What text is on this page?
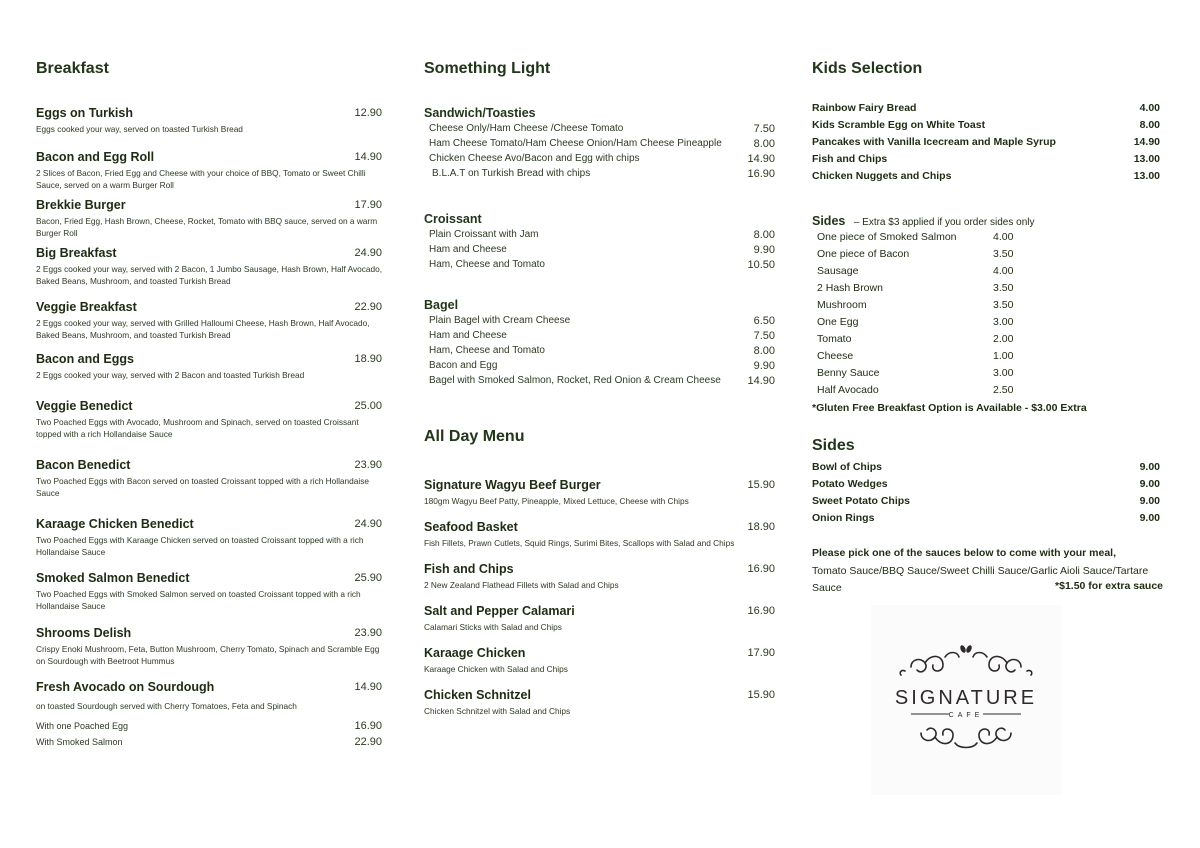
Breakfast
Eggs on Turkish	12.90
Eggs cooked your way, served on toasted Turkish Bread
Bacon and Egg Roll	14.90
2 Slices of Bacon, Fried Egg and Cheese with your choice of BBQ, Tomato or Sweet Chilli Sauce, served on a warm Burger Roll
Brekkie Burger	17.90
Bacon, Fried Egg, Hash Brown, Cheese, Rocket, Tomato with BBQ sauce, served on a warm Burger Roll
Big Breakfast	24.90
2 Eggs cooked your way, served with 2 Bacon, 1 Jumbo Sausage, Hash Brown, Half Avocado, Baked Beans, Mushroom, and toasted Turkish Bread
Veggie Breakfast	22.90
2 Eggs cooked your way, served with Grilled Halloumi Cheese, Hash Brown, Half Avocado, Baked Beans, Mushroom, and toasted Turkish Bread
Bacon and Eggs	18.90
2 Eggs cooked your way, served with 2 Bacon and toasted Turkish Bread
Veggie Benedict	25.00
Two Poached Eggs with Avocado, Mushroom and Spinach, served on toasted Croissant topped with a rich Hollandaise Sauce
Bacon Benedict	23.90
Two Poached Eggs with Bacon served on toasted Croissant topped with a rich Hollandaise Sauce
Karaage Chicken Benedict	24.90
Two Poached Eggs with Karaage Chicken served on toasted Croissant topped with a rich Hollandaise Sauce
Smoked Salmon Benedict	25.90
Two Poached Eggs with Smoked Salmon served on toasted Croissant topped with a rich Hollandaise Sauce
Shrooms Delish	23.90
Crispy Enoki Mushroom, Feta, Button Mushroom, Cherry Tomato, Spinach and Scramble Egg on Sourdough with Beetroot Hummus
Fresh Avocado on Sourdough	14.90
on toasted Sourdough served with Cherry Tomatoes, Feta and Spinach
With one Poached Egg	16.90
With Smoked Salmon	22.90
Something Light
Sandwich/Toasties
Cheese Only/Ham Cheese /Cheese Tomato	7.50
Ham Cheese Tomato/Ham Cheese Onion/Ham Cheese Pineapple	8.00
Chicken Cheese Avo/Bacon and Egg with chips	14.90
B.L.A.T on Turkish Bread with chips	16.90
Croissant
Plain Croissant with Jam	8.00
Ham and Cheese	9.90
Ham, Cheese and Tomato	10.50
Bagel
Plain Bagel with Cream Cheese	6.50
Ham and Cheese	7.50
Ham, Cheese and Tomato	8.00
Bacon and Egg	9.90
Bagel with Smoked Salmon, Rocket, Red Onion & Cream Cheese	14.90
All Day Menu
Signature Wagyu Beef Burger	15.90
180gm Wagyu Beef Patty, Pineapple, Mixed Lettuce, Cheese with Chips
Seafood Basket	18.90
Fish Fillets, Prawn Cutlets, Squid Rings, Surimi Bites, Scallops with Salad and Chips
Fish and Chips	16.90
2 New Zealand Flathead Fillets with Salad and Chips
Salt and Pepper Calamari	16.90
Calamari Sticks with Salad and Chips
Karaage Chicken	17.90
Karaage Chicken with Salad and Chips
Chicken Schnitzel	15.90
Chicken Schnitzel with Salad and Chips
Kids Selection
Rainbow Fairy Bread	4.00
Kids Scramble Egg on White Toast	8.00
Pancakes with Vanilla Icecream and Maple Syrup	14.90
Fish and Chips	13.00
Chicken Nuggets and Chips	13.00
Sides – Extra $3 applied if you order sides only
One piece of Smoked Salmon	4.00
One piece of Bacon	3.50
Sausage	4.00
2 Hash Brown	3.50
Mushroom	3.50
One Egg	3.00
Tomato	2.00
Cheese	1.00
Benny Sauce	3.00
Half Avocado	2.50
*Gluten Free Breakfast Option is Available - $3.00 Extra
Sides
Bowl of Chips	9.00
Potato Wedges	9.00
Sweet Potato Chips	9.00
Onion Rings	9.00
Please pick one of the sauces below to come with your meal,
Tomato Sauce/BBQ Sauce/Sweet Chilli Sauce/Garlic Aioli Sauce/Tartare Sauce	*$1.50 for extra sauce
SIGNATURE
CAFE
